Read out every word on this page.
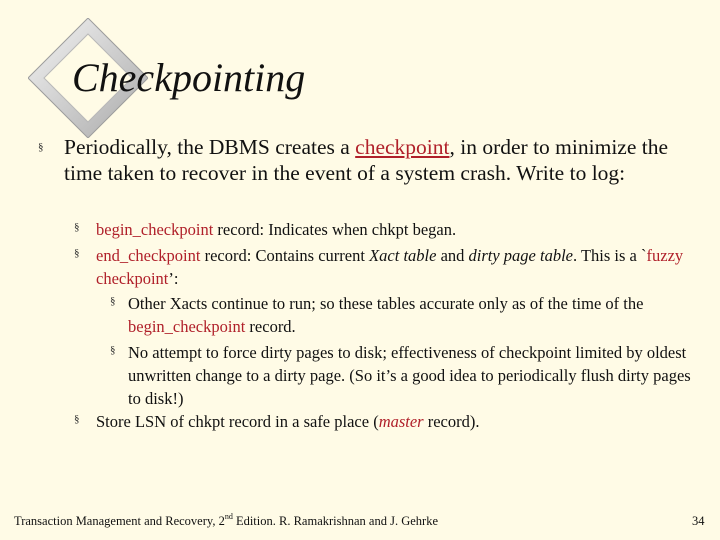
Checkpointing
§ Periodically, the DBMS creates a checkpoint, in order to minimize the time taken to recover in the event of a system crash. Write to log:
§ begin_checkpoint record: Indicates when chkpt began.
§ end_checkpoint record: Contains current Xact table and dirty page table. This is a `fuzzy checkpoint’:
§ Other Xacts continue to run; so these tables accurate only as of the time of the begin_checkpoint record.
§ No attempt to force dirty pages to disk; effectiveness of checkpoint limited by oldest unwritten change to a dirty page. (So it’s a good idea to periodically flush dirty pages to disk!)
§ Store LSN of chkpt record in a safe place (master record).
Transaction Management and Recovery, 2nd Edition. R. Ramakrishnan and J. Gehrke	34
